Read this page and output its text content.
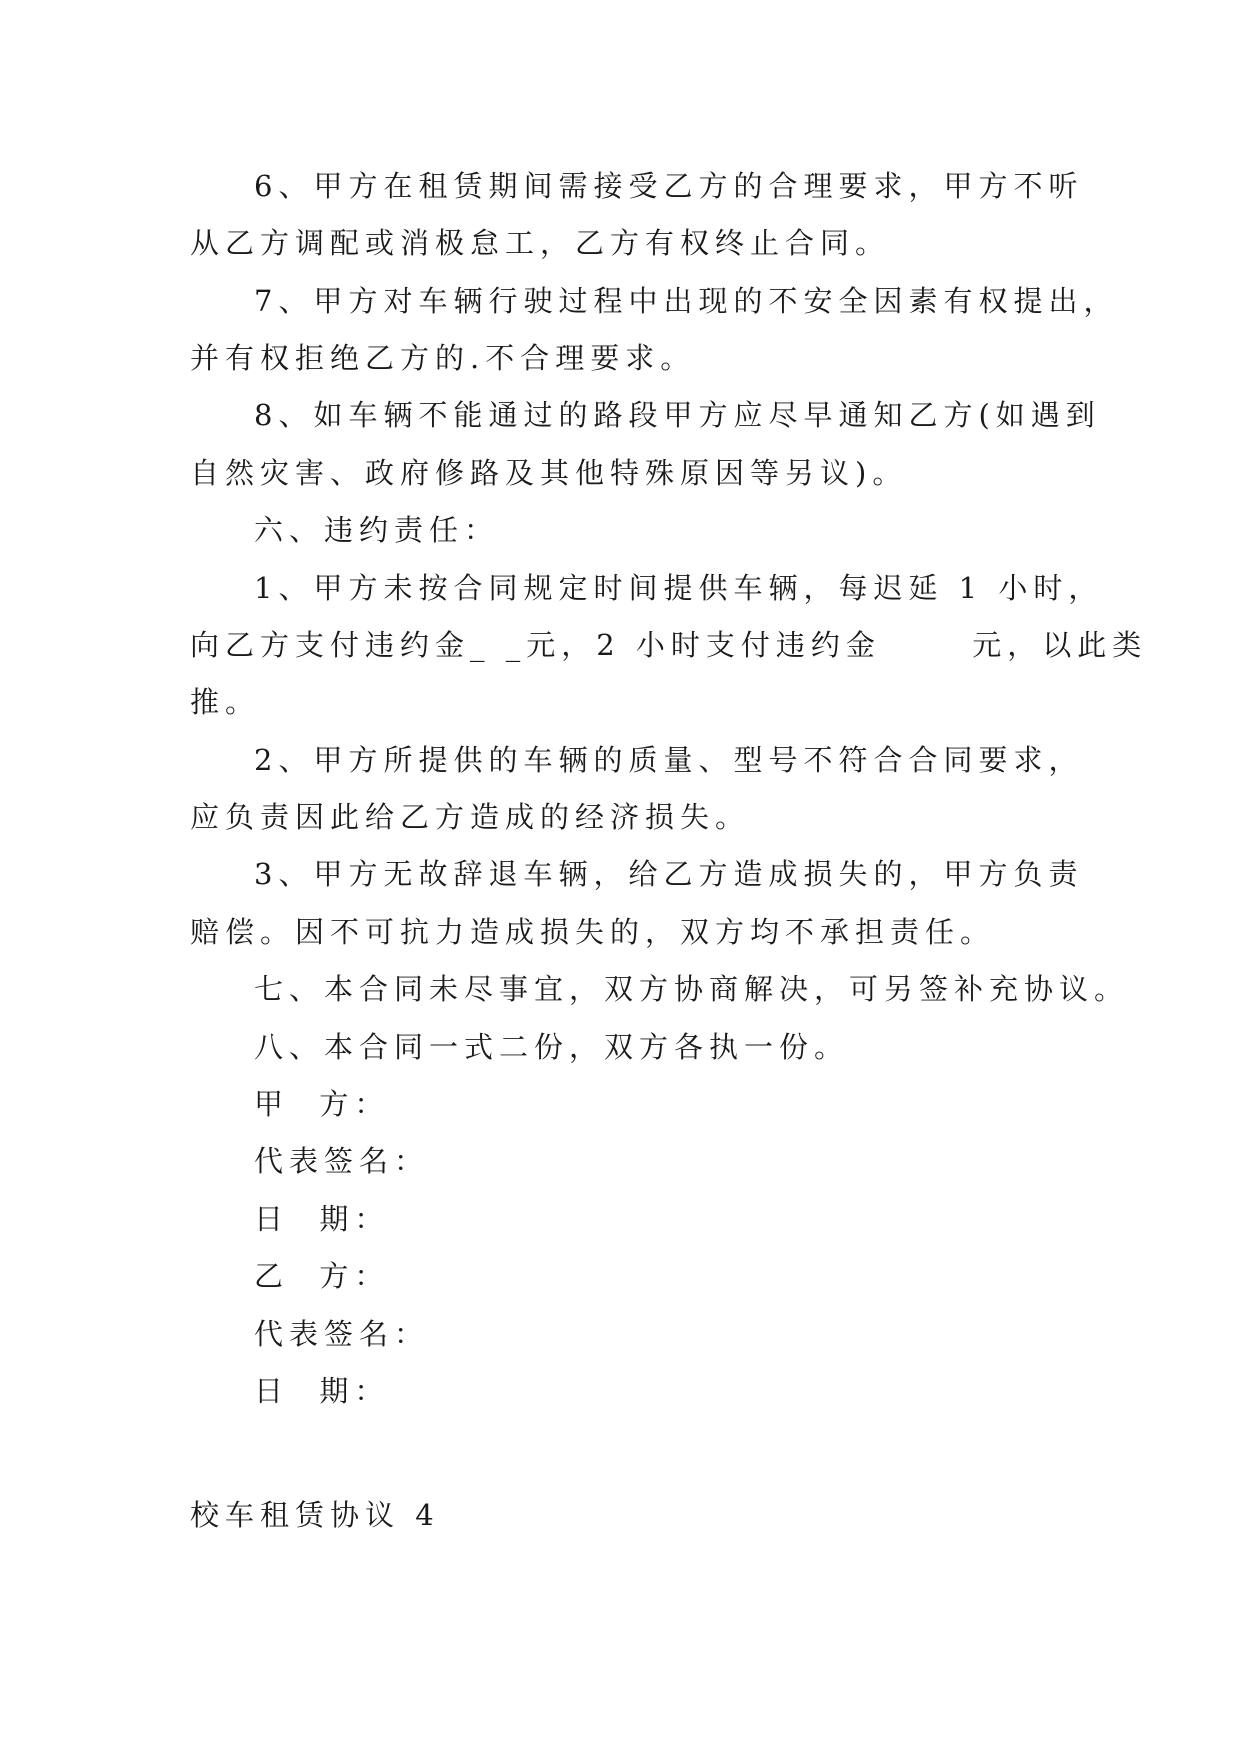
6、甲方在租赁期间需接受乙方的合理要求，甲方不听
从乙方调配或消极怠工，乙方有权终止合同。
7、甲方对车辆行驶过程中出现的不安全因素有权提出，
并有权拒绝乙方的.不合理要求。
8、如车辆不能通过的路段甲方应尽早通知乙方(如遇到
自然灾害、政府修路及其他特殊原因等另议)。
六、违约责任：
1、甲方未按合同规定时间提供车辆，每迟延 1 小时，
向乙方支付违约金_ _元，2 小时支付违约金      元，以此类
推。
2、甲方所提供的车辆的质量、型号不符合合同要求，
应负责因此给乙方造成的经济损失。
3、甲方无故辞退车辆，给乙方造成损失的，甲方负责
赔偿。因不可抗力造成损失的，双方均不承担责任。
七、本合同未尽事宜，双方协商解决，可另签补充协议。
八、本合同一式二份，双方各执一份。
甲  方：
代表签名：
日  期：
乙  方：
代表签名：
日  期：
校车租赁协议 4
